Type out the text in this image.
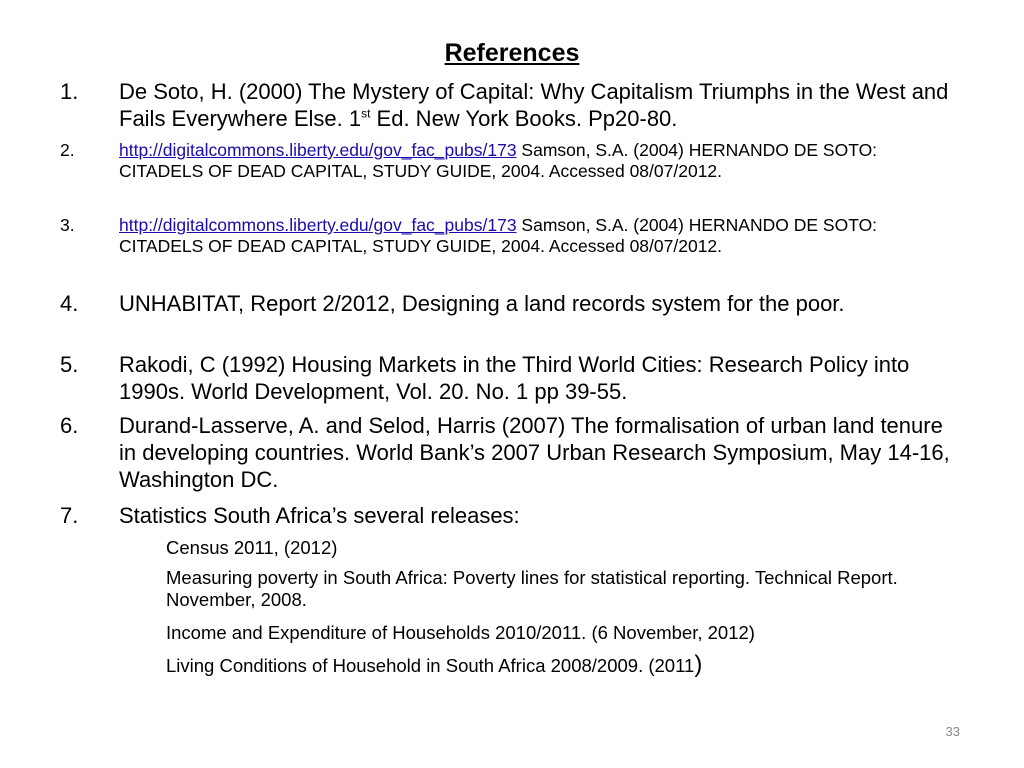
References
1. De Soto, H. (2000) The Mystery of Capital: Why Capitalism Triumphs in the West and Fails Everywhere Else. 1st Ed. New York Books. Pp20-80.
2.	http://digitalcommons.liberty.edu/gov_fac_pubs/173 Samson, S.A. (2004) HERNANDO DE SOTO: CITADELS OF DEAD CAPITAL, STUDY GUIDE, 2004. Accessed 08/07/2012.
3.	http://digitalcommons.liberty.edu/gov_fac_pubs/173 Samson, S.A. (2004) HERNANDO DE SOTO: CITADELS OF DEAD CAPITAL, STUDY GUIDE, 2004. Accessed 08/07/2012.
4. UNHABITAT, Report 2/2012, Designing a land records system for the poor.
5. Rakodi, C (1992) Housing Markets in the Third World Cities: Research Policy into 1990s. World Development, Vol. 20. No. 1 pp 39-55.
6. Durand-Lasserve, A. and Selod, Harris (2007) The formalisation of urban land tenure in developing countries. World Bank’s 2007 Urban Research Symposium, May 14-16, Washington DC.
7. Statistics South Africa’s several releases:
Census 2011, (2012)
Measuring poverty in South Africa: Poverty lines for statistical reporting. Technical Report. November, 2008.
Income and Expenditure of Households 2010/2011. (6 November, 2012)
Living Conditions of Household in South Africa 2008/2009. (2011)
33
